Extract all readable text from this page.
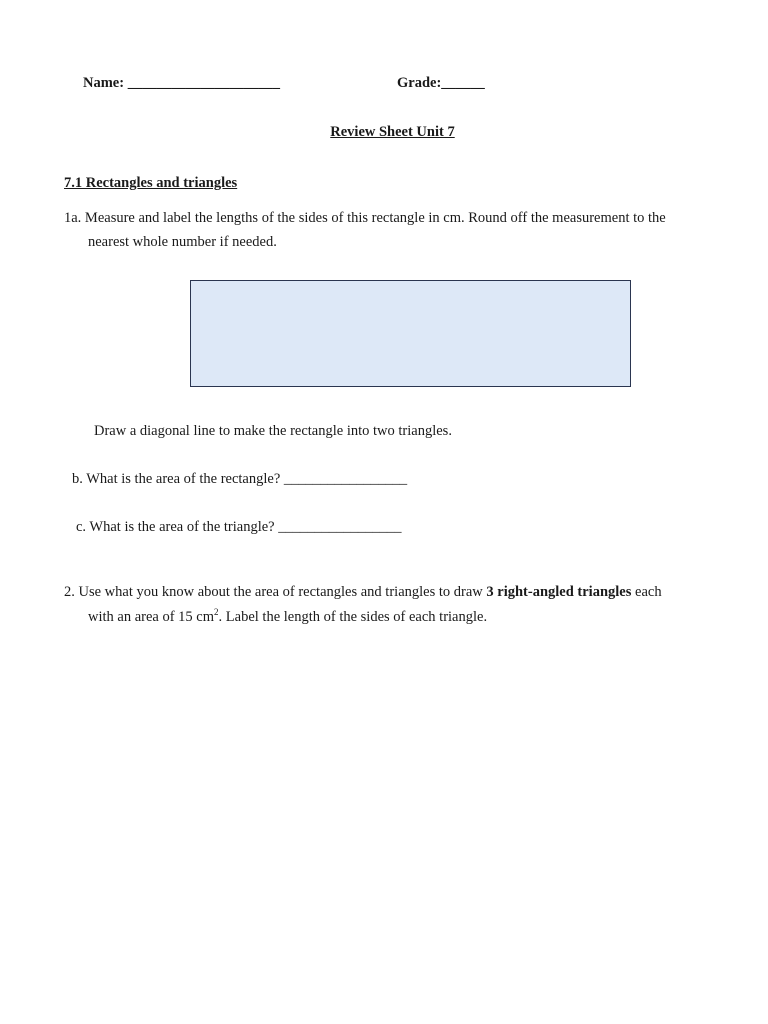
Name: _____________________	Grade:______
Review Sheet Unit 7
7.1 Rectangles and triangles
1a. Measure and label the lengths of the sides of this rectangle in cm. Round off the measurement to the
nearest whole number if needed.
Draw a diagonal line to make the rectangle into two triangles.
b. What is the area of the rectangle? _________________
c. What is the area of the triangle? _________________
2. Use what you know about the area of rectangles and triangles to draw 3 right-angled triangles each
with an area of 15 $cm^2$. Label the length of the sides of each triangle.
